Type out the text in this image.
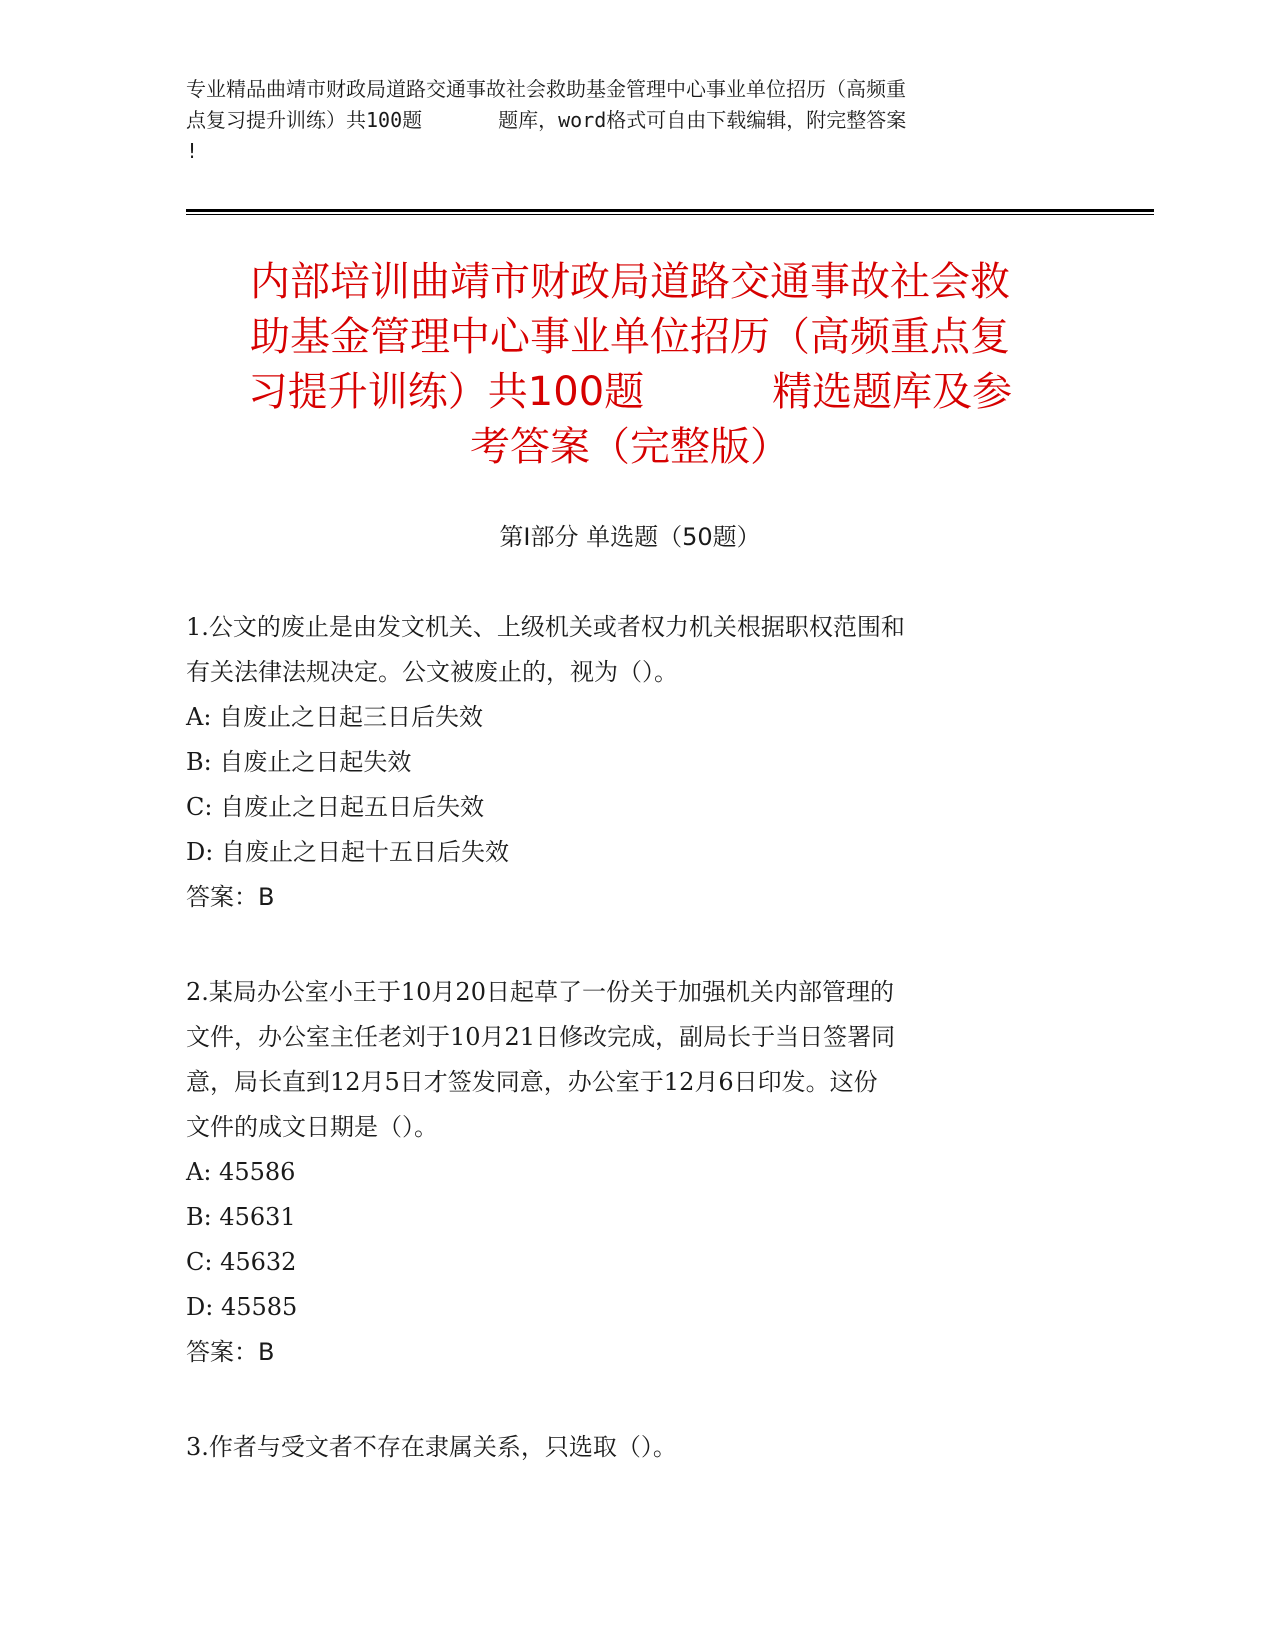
专业精品曲靖市财政局道路交通事故社会救助基金管理中心事业单位招历（高频重
点复习提升训练）共100题	题库，word格式可自由下载编辑，附完整答案
!
内部培训曲靖市财政局道路交通事故社会救
助基金管理中心事业单位招历（高频重点复
习提升训练）共100题	精选题库及参
考答案（完整版）
第Ⅰ部分 单选题（50题）
1.公文的废止是由发文机关、上级机关或者权力机关根据职权范围和
有关法律法规决定。公文被废止的，视为（）。
A: 自废止之日起三日后失效
B: 自废止之日起失效
C: 自废止之日起五日后失效
D: 自废止之日起十五日后失效
答案：B
2.某局办公室小王于10月20日起草了一份关于加强机关内部管理的
文件，办公室主任老刘于10月21日修改完成，副局长于当日签署同
意，局长直到12月5日才签发同意，办公室于12月6日印发。这份
文件的成文日期是（）。
A: 45586
B: 45631
C: 45632
D: 45585
答案：B
3.作者与受文者不存在隶属关系，只选取（）。
